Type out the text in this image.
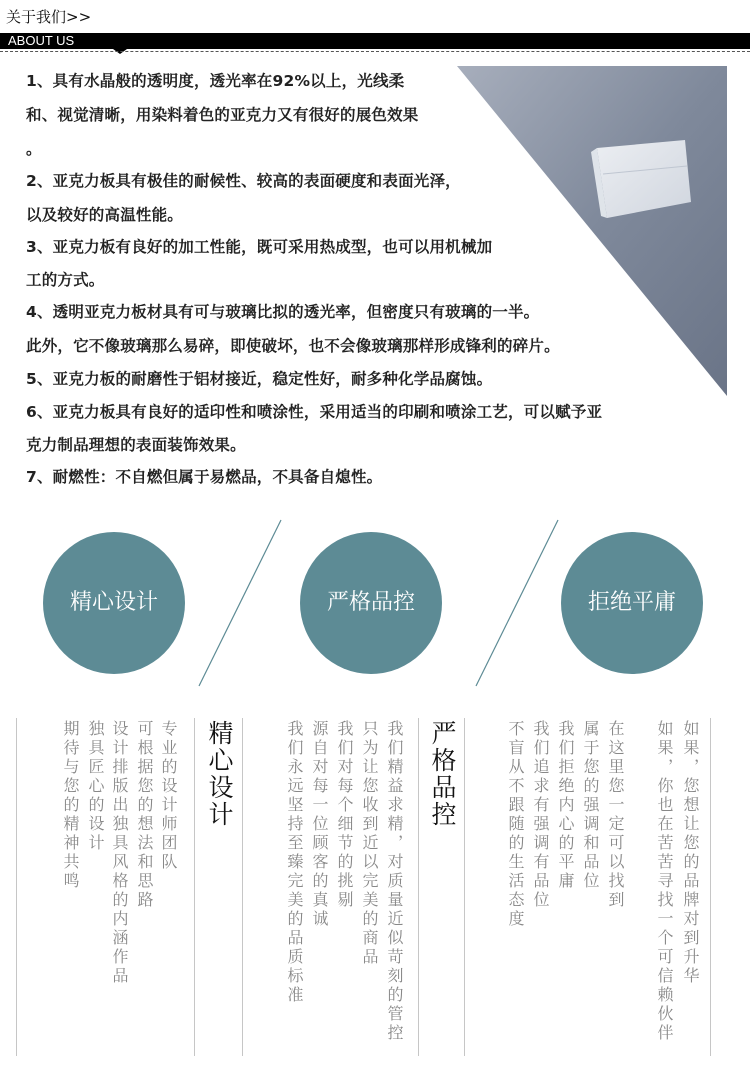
关于我们>>
ABOUT US
1、具有水晶般的透明度，透光率在92%以上，光线柔
和、视觉清晰，用染料着色的亚克力又有很好的展色效果
。
2、亚克力板具有极佳的耐候性、较高的表面硬度和表面光泽，
以及较好的高温性能。
3、亚克力板有良好的加工性能，既可采用热成型，也可以用机械加
工的方式。
4、透明亚克力板材具有可与玻璃比拟的透光率，但密度只有玻璃的一半。
此外，它不像玻璃那么易碎，即使破坏，也不会像玻璃那样形成锋利的碎片。
5、亚克力板的耐磨性于铝材接近，稳定性好，耐多种化学品腐蚀。
6、亚克力板具有良好的适印性和喷涂性，采用适当的印刷和喷涂工艺，可以赋予亚
克力制品理想的表面装饰效果。
7、耐燃性：不自燃但属于易燃品，不具备自熄性。
精心设计	严格品控	拒绝平庸
期待与您的精神共鸣 独具匠心的设计 设计排版出独具风格的内涵作品 可根据您的想法和思路 专业的设计师团队 精心设计	我们永远坚持至臻完美的品质标准 源自对每一位顾客的真诚 我们对每个细节的挑剔 只为让您收到近以完美的商品 我们精益求精，对质量近似苛刻的管控 严格品控	不盲从不跟随的生活态度 我们追求有强调有品位 我们拒绝内心的平庸 属于您的强调和品位 在这里您一定可以找到 如果，你也在苦苦寻找一个可信赖伙伴 如果，您想让您的品牌对到升华
